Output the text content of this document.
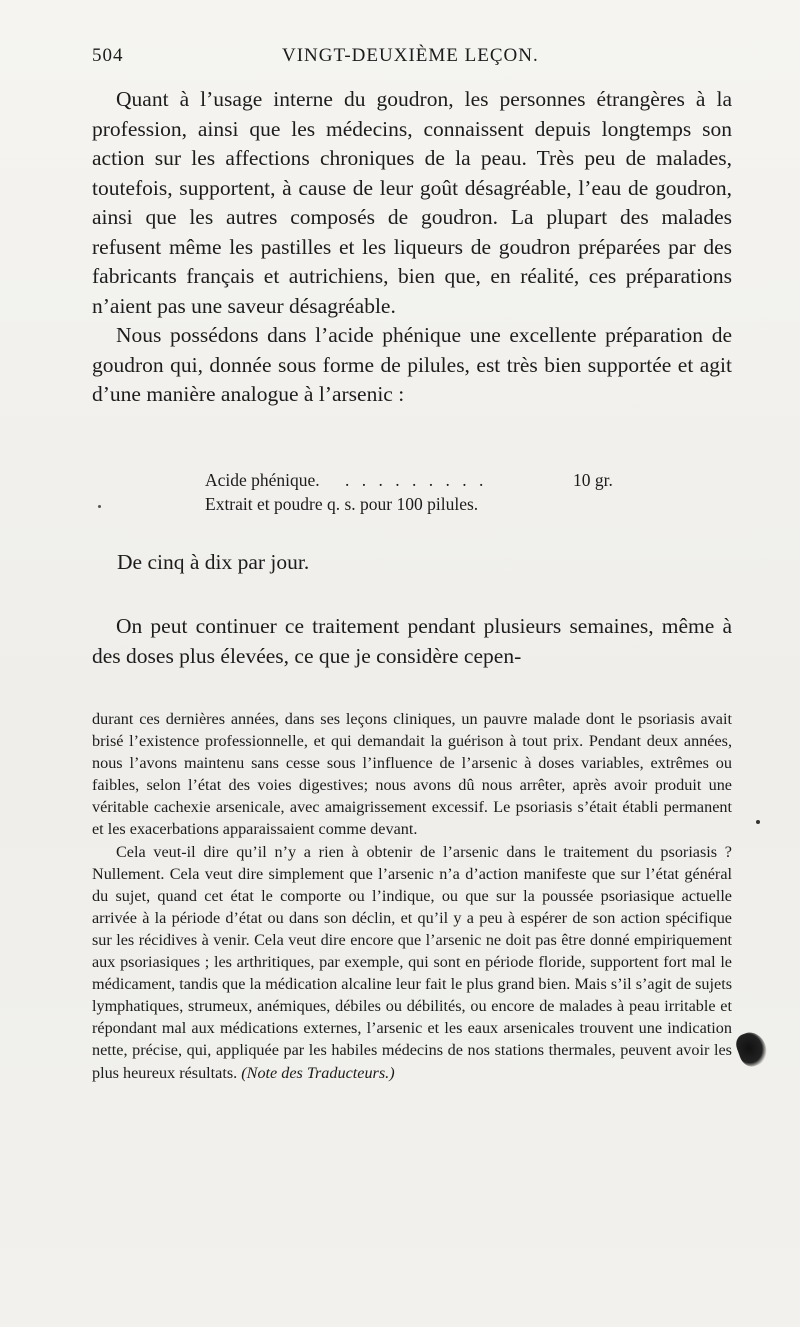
504	VINGT-DEUXIÈME LEÇON.

Quant à l’usage interne du goudron, les personnes étrangères à la profession, ainsi que les médecins, connaissent depuis longtemps son action sur les affections chroniques de la peau. Très peu de malades, toutefois, supportent, à cause de leur goût désagréable, l’eau de goudron, ainsi que les autres composés de goudron. La plupart des malades refusent même les pastilles et les liqueurs de goudron préparées par des fabricants français et autrichiens, bien que, en réalité, ces préparations n’aient pas une saveur désagréable.

Nous possédons dans l’acide phénique une excellente préparation de goudron qui, donnée sous forme de pilules, est très bien supportée et agit d’une manière analogue à l’arsenic :

Acide phénique.	. . . . . . . . .	10 gr.
Extrait et poudre q. s. pour 100 pilules.
De cinq à dix par jour.

On peut continuer ce traitement pendant plusieurs semaines, même à des doses plus élevées, ce que je considère cepen-

durant ces dernières années, dans ses leçons cliniques, un pauvre malade dont le psoriasis avait brisé l’existence professionnelle, et qui demandait la guérison à tout prix. Pendant deux années, nous l’avons maintenu sans cesse sous l’influence de l’arsenic à doses variables, extrêmes ou faibles, selon l’état des voies digestives; nous avons dû nous arrêter, après avoir produit une véritable cachexie arsenicale, avec amaigrissement excessif. Le psoriasis s’était établi permanent et les exacerbations apparaissaient comme devant.

Cela veut-il dire qu’il n’y a rien à obtenir de l’arsenic dans le traitement du psoriasis ? Nullement. Cela veut dire simplement que l’arsenic n’a d’action manifeste que sur l’état général du sujet, quand cet état le comporte ou l’indique, ou que sur la poussée psoriasique actuelle arrivée à la période d’état ou dans son déclin, et qu’il y a peu à espérer de son action spécifique sur les récidives à venir. Cela veut dire encore que l’arsenic ne doit pas être donné empiriquement aux psoriasiques ; les arthritiques, par exemple, qui sont en période floride, supportent fort mal le médicament, tandis que la médication alcaline leur fait le plus grand bien. Mais s’il s’agit de sujets lymphatiques, strumeux, anémiques, débiles ou débilités, ou encore de malades à peau irritable et répondant mal aux médications externes, l’arsenic et les eaux arsenicales trouvent une indication nette, précise, qui, appliquée par les habiles médecins de nos stations thermales, peuvent avoir les plus heureux résultats. (Note des Traducteurs.)
